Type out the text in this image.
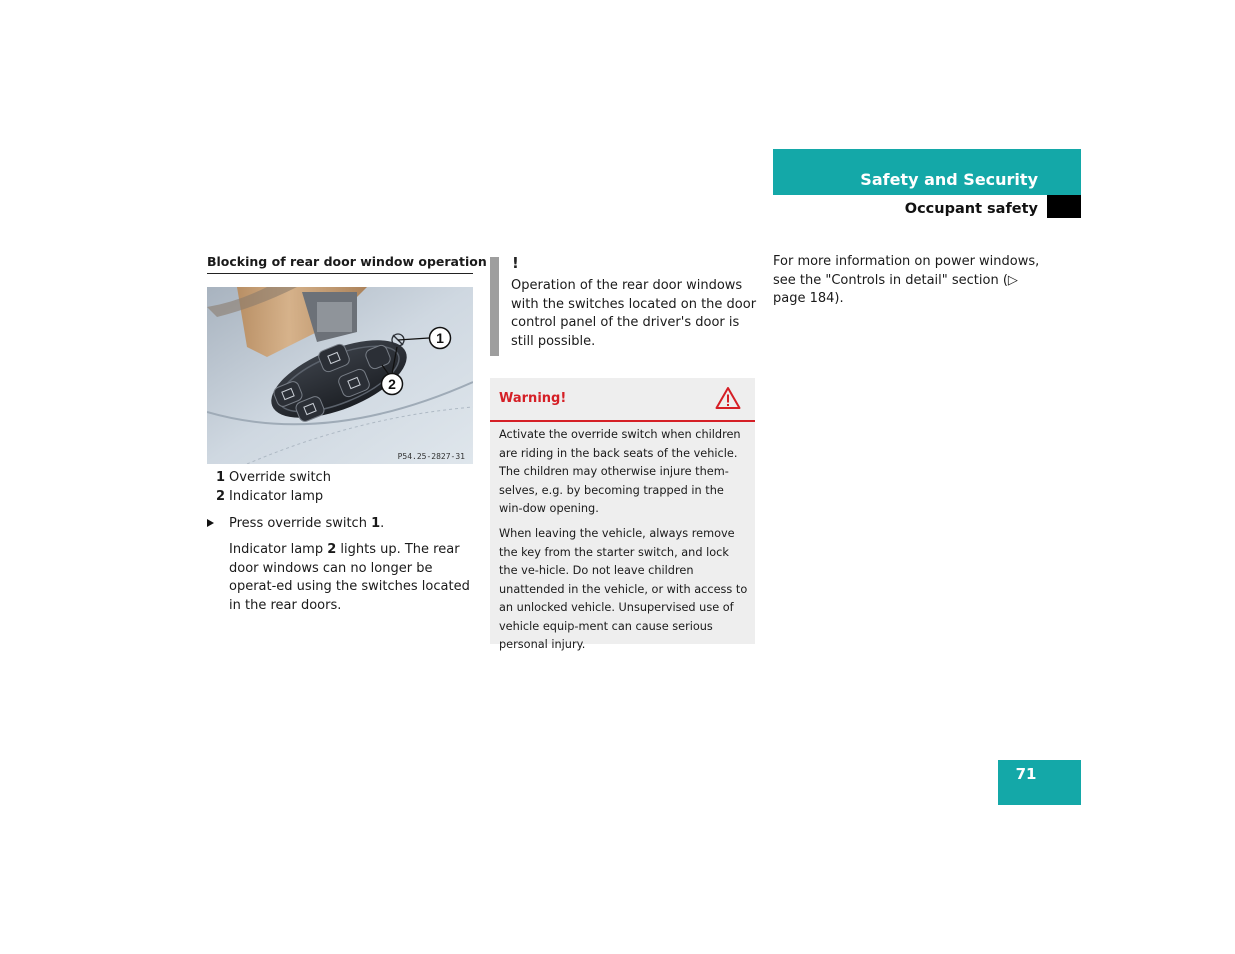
Safety and Security
Occupant safety
Blocking of rear door window operation
1
2
P54.25-2827-31
1 Override switch
2 Indicator lamp
Press override switch 1.
Indicator lamp 2 lights up. The rear door windows can no longer be operat-ed using the switches located in the rear doors.
!
Operation of the rear door windows with the switches located on the door control panel of the driver's door is still possible.
Warning!
Activate the override switch when children are riding in the back seats of the vehicle. The children may otherwise injure them-selves, e.g. by becoming trapped in the win-dow opening.
When leaving the vehicle, always remove the key from the starter switch, and lock the ve-hicle. Do not leave children unattended in the vehicle, or with access to an unlocked vehicle. Unsupervised use of vehicle equip-ment can cause serious personal injury.
For more information on power windows, see the "Controls in detail" section (▷ page 184).
71
